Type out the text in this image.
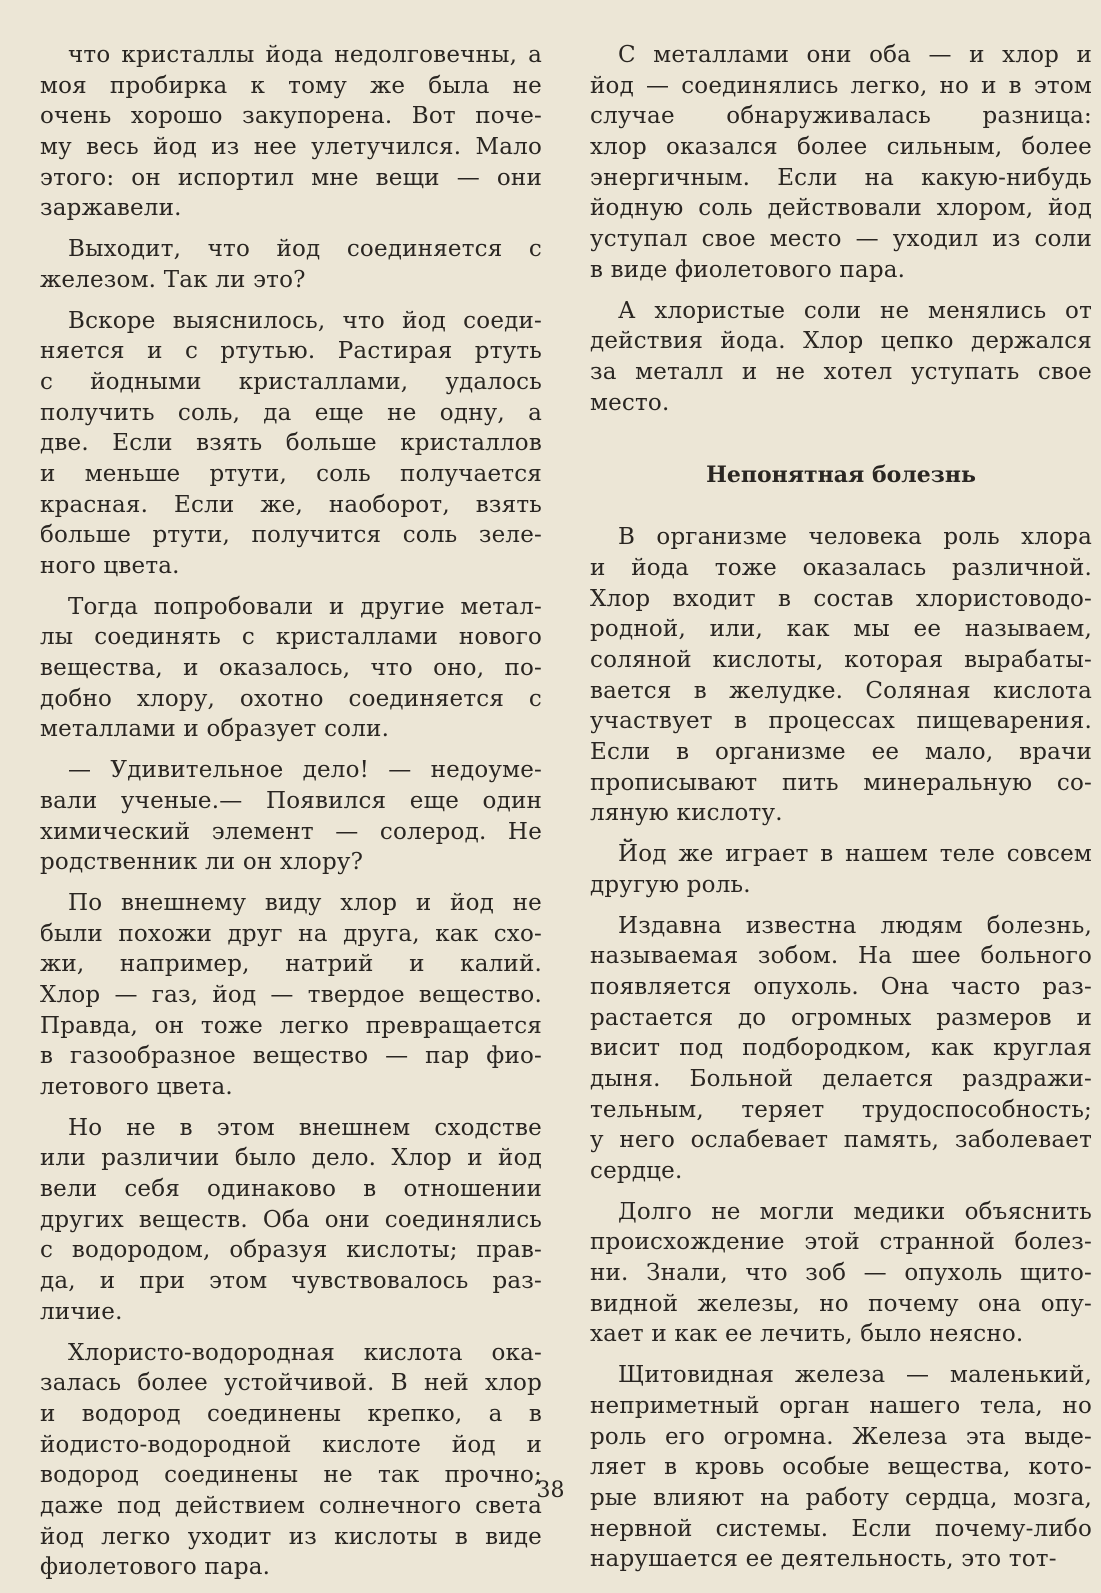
что кристаллы йода недолговечны, а
моя пробирка к тому же была не
очень хорошо закупорена. Вот поче-
му весь йод из нее улетучился. Мало
этого: он испортил мне вещи — они
заржавели.
Выходит, что йод соединяется с
железом. Так ли это?
Вскоре выяснилось, что йод соеди-
няется и с ртутью. Растирая ртуть
с йодными кристаллами, удалось
получить соль, да еще не одну, а
две. Если взять больше кристаллов
и меньше ртути, соль получается
красная. Если же, наоборот, взять
больше ртути, получится соль зеле-
ного цвета.
Тогда попробовали и другие метал-
лы соединять с кристаллами нового
вещества, и оказалось, что оно, по-
добно хлору, охотно соединяется с
металлами и образует соли.
— Удивительное дело! — недоуме-
вали ученые.— Появился еще один
химический элемент — солерод. Не
родственник ли он хлору?
По внешнему виду хлор и йод не
были похожи друг на друга, как схо-
жи, например, натрий и калий.
Хлор — газ, йод — твердое вещество.
Правда, он тоже легко превращается
в газообразное вещество — пар фио-
летового цвета.
Но не в этом внешнем сходстве
или различии было дело. Хлор и йод
вели себя одинаково в отношении
других веществ. Оба они соединялись
с водородом, образуя кислоты; прав-
да, и при этом чувствовалось раз-
личие.
Хлористо-водородная кислота ока-
залась более устойчивой. В ней хлор
и водород соединены крепко, а в
йодисто-водородной кислоте йод и
водород соединены не так прочно;
даже под действием солнечного света
йод легко уходит из кислоты в виде
фиолетового пара.
С металлами они оба — и хлор и
йод — соединялись легко, но и в этом
случае обнаруживалась разница:
хлор оказался более сильным, более
энергичным. Если на какую-нибудь
йодную соль действовали хлором, йод
уступал свое место — уходил из соли
в виде фиолетового пара.
А хлористые соли не менялись от
действия йода. Хлор цепко держался
за металл и не хотел уступать свое
место.
Непонятная болезнь
В организме человека роль хлора
и йода тоже оказалась различной.
Хлор входит в состав хлористоводо-
родной, или, как мы ее называем,
соляной кислоты, которая вырабаты-
вается в желудке. Соляная кислота
участвует в процессах пищеварения.
Если в организме ее мало, врачи
прописывают пить минеральную со-
ляную кислоту.
Йод же играет в нашем теле совсем
другую роль.
Издавна известна людям болезнь,
называемая зобом. На шее больного
появляется опухоль. Она часто раз-
растается до огромных размеров и
висит под подбородком, как круглая
дыня. Больной делается раздражи-
тельным, теряет трудоспособность;
у него ослабевает память, заболевает
сердце.
Долго не могли медики объяснить
происхождение этой странной болез-
ни. Знали, что зоб — опухоль щито-
видной железы, но почему она опу-
хает и как ее лечить, было неясно.
Щитовидная железа — маленький,
неприметный орган нашего тела, но
роль его огромна. Железа эта выде-
ляет в кровь особые вещества, кото-
рые влияют на работу сердца, мозга,
нервной системы. Если почему-либо
нарушается ее деятельность, это тот-
38
